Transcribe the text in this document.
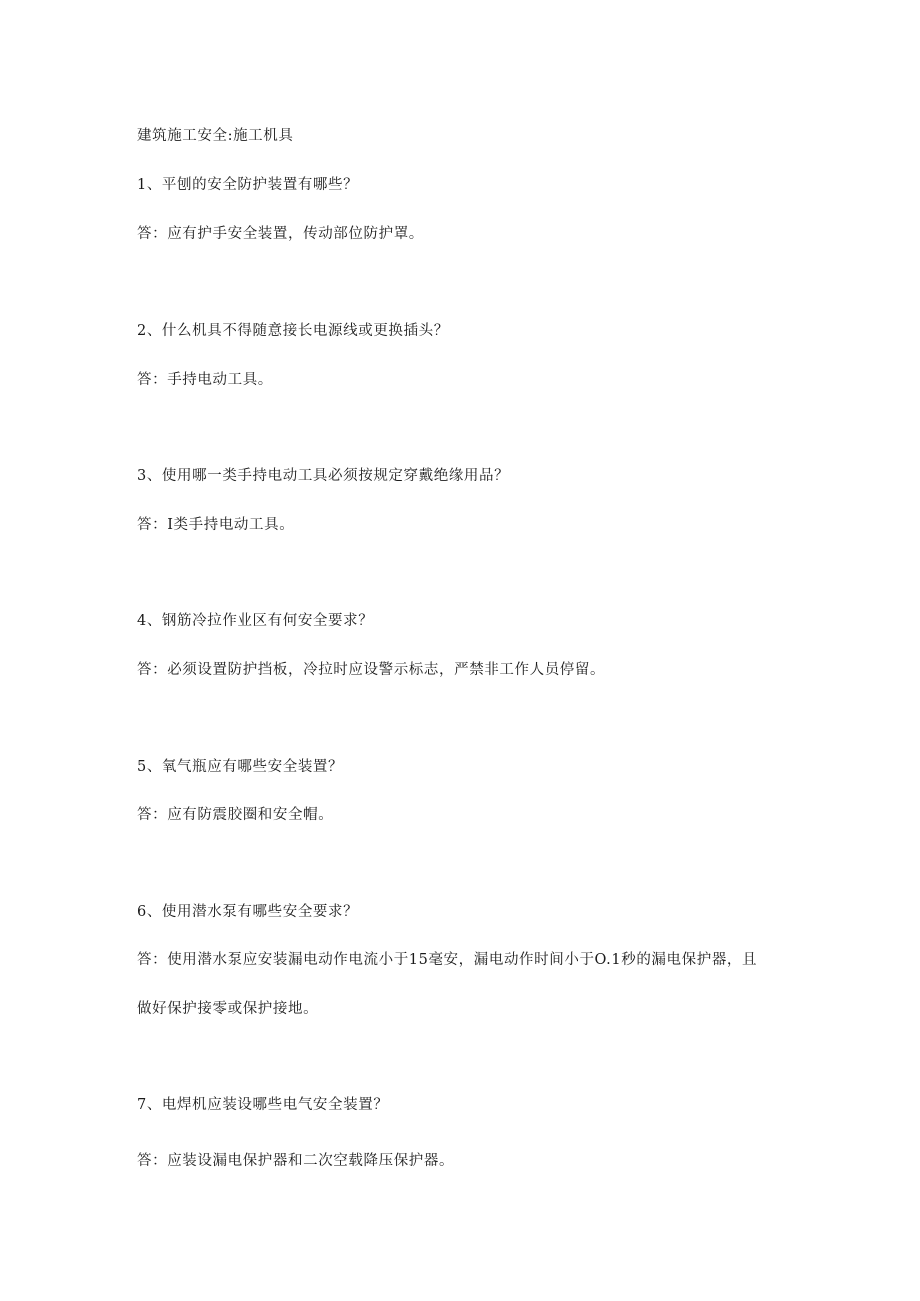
建筑施工安全:施工机具
1、平刨的安全防护装置有哪些？
答：应有护手安全装置，传动部位防护罩。
2、什么机具不得随意接长电源线或更换插头？
答：手持电动工具。
3、使用哪一类手持电动工具必须按规定穿戴绝缘用品？
答：I类手持电动工具。
4、钢筋冷拉作业区有何安全要求？
答：必须设置防护挡板，冷拉时应设警示标志，严禁非工作人员停留。
5、氧气瓶应有哪些安全装置？
答：应有防震胶圈和安全帽。
6、使用潜水泵有哪些安全要求？
答：使用潜水泵应安装漏电动作电流小于15毫安，漏电动作时间小于O.1秒的漏电保护器，且
做好保护接零或保护接地。
7、电焊机应装设哪些电气安全装置？
答：应装设漏电保护器和二次空载降压保护器。
